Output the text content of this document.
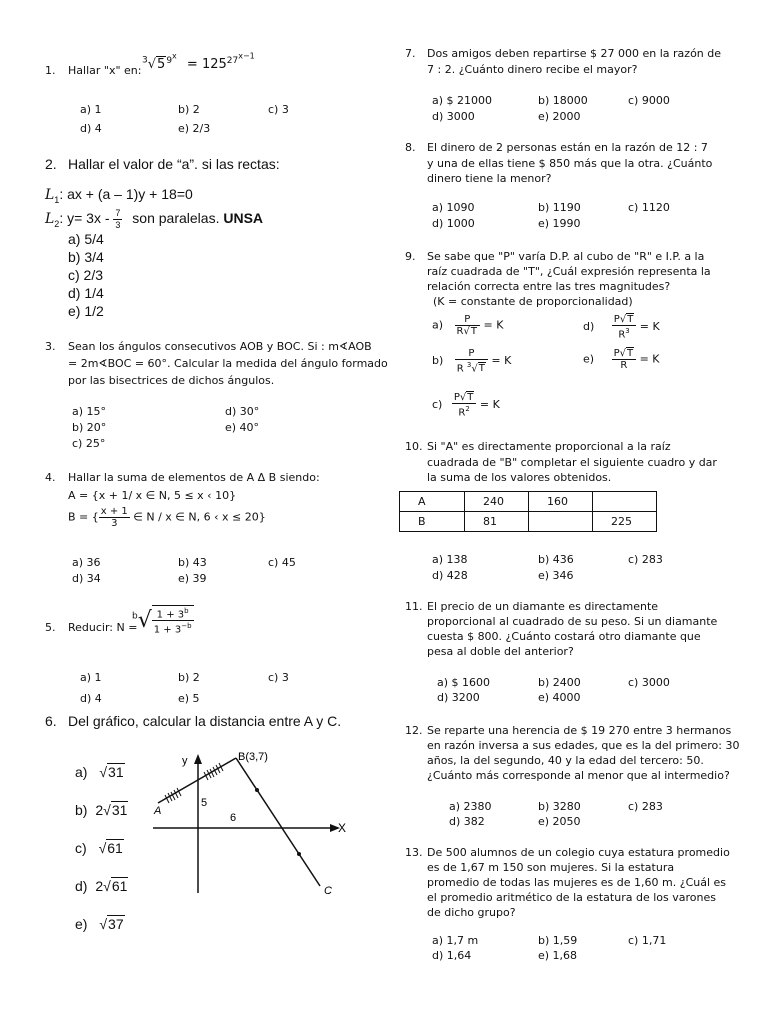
1. Hallar "x" en:
$^3√5^{9^x} = 125^{27^{x-1}}$
a) 1	b) 2	c) 3
d) 4	e) 2/3
2. Hallar el valor de “a”. si las rectas:
$L_1$: ax + (a – 1)y + 18=0
$L_2$: $y= 3x - \frac{7}{3}$ son paralelas. UNSA
a) 5/4
b) 3/4
c) 2/3
d) 1/4
e) 1/2
3. Sean los ángulos consecutivos AOB y BOC. Si : m∢AOB
= 2m∢BOC = 60°. Calcular la medida del ángulo formado
por las bisectrices de dichos ángulos.
a) 15°	d) 30°
b) 20°	e) 40°
c) 25°
4. Hallar la suma de elementos de A Δ B siendo:
A = {x + 1/ x ∈ N, 5 ≤ x ‹ 10}
B = { $\frac{x + 1}{3}$ ∈ N / x ∈ N, 6 ‹ x ≤ 20}
a) 36	b) 43	c) 45
d) 34	e) 39
5. Reducir: N =
$^b√ \frac{1 + 3^b}{1 + 3^{-b}}$
a) 1	b) 2	c) 3
d) 4	e) 5
6. Del gráfico, calcular la distancia entre A y C.
a) √31
b) 2√31
c) √61
d) 2√61
e) √37
y
X
B(3,7)
A
C
5
6
7. Dos amigos deben repartirse $ 27 000 en la razón de
7 : 2. ¿Cuánto dinero recibe el mayor?
a) $ 21000	b) 18000	c) 9000
d) 3000	e) 2000
8. El dinero de 2 personas están en la razón de 12 : 7
y una de ellas tiene $ 850 más que la otra. ¿Cuánto
dinero tiene la menor?
a) 1090	b) 1190	c) 1120
d) 1000	e) 1990
9. Se sabe que "P" varía D.P. al cubo de "R" e I.P. a la
raíz cuadrada de "T", ¿Cuál expresión representa la
relación correcta entre las tres magnitudes?
(K = constante de proporcionalidad)
$a) \frac{P}{R√T} = K$	$d) \frac{P√T}{R^3} = K$
$b) \frac{P}{R ^3√T} = K$	$e) \frac{P√T}{R} = K$
$c) \frac{P√T}{R^2} = K$
10. Si "A" es directamente proporcional a la raíz
cuadrada de "B" completar el siguiente cuadro y dar
la suma de los valores obtenidos.
A	240	160	
B	81		225
a) 138	b) 436	c) 283
d) 428	e) 346
11. El precio de un diamante es directamente
proporcional al cuadrado de su peso. Si un diamante
cuesta $ 800. ¿Cuánto costará otro diamante que
pesa al doble del anterior?
a) $ 1600	b) 2400	c) 3000
d) 3200	e) 4000
12. Se reparte una herencia de $ 19 270 entre 3 hermanos
en razón inversa a sus edades, que es la del primero: 30
años, la del segundo, 40 y la edad del tercero: 50.
¿Cuánto más corresponde al menor que al intermedio?
a) 2380	b) 3280	c) 283
d) 382	e) 2050
13. De 500 alumnos de un colegio cuya estatura promedio
es de 1,67 m 150 son mujeres. Si la estatura
promedio de todas las mujeres es de 1,60 m. ¿Cuál es
el promedio aritmético de la estatura de los varones
de dicho grupo?
a) 1,7 m	b) 1,59	c) 1,71
d) 1,64	e) 1,68
